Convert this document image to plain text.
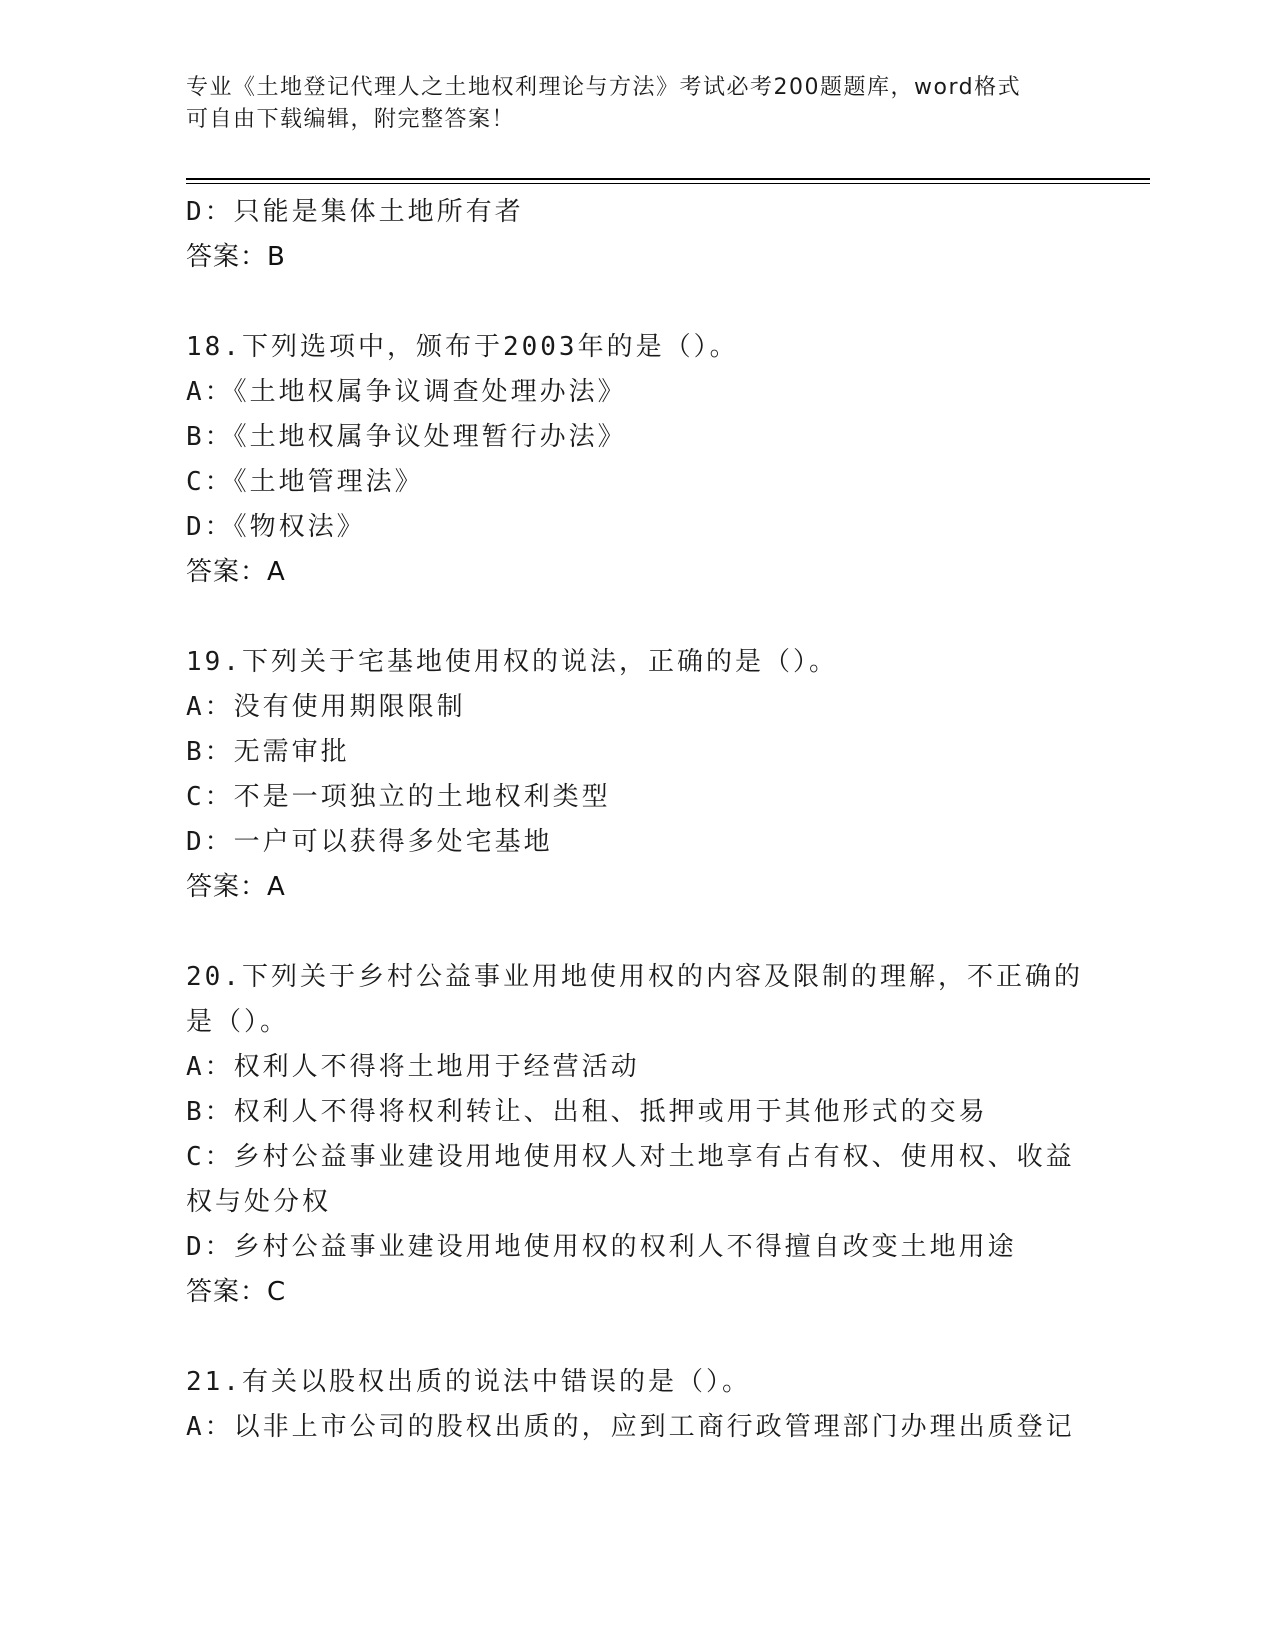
专业《土地登记代理人之土地权利理论与方法》考试必考200题题库，word格式
可自由下载编辑，附完整答案！
D：只能是集体土地所有者
答案：B
18.下列选项中，颁布于2003年的是（）。
A：《土地权属争议调查处理办法》
B：《土地权属争议处理暂行办法》
C：《土地管理法》
D：《物权法》
答案：A
19.下列关于宅基地使用权的说法，正确的是（）。
A：没有使用期限限制
B：无需审批
C：不是一项独立的土地权利类型
D：一户可以获得多处宅基地
答案：A
20.下列关于乡村公益事业用地使用权的内容及限制的理解，不正确的
是（）。
A：权利人不得将土地用于经营活动
B：权利人不得将权利转让、出租、抵押或用于其他形式的交易
C：乡村公益事业建设用地使用权人对土地享有占有权、使用权、收益
权与处分权
D：乡村公益事业建设用地使用权的权利人不得擅自改变土地用途
答案：C
21.有关以股权出质的说法中错误的是（）。
A：以非上市公司的股权出质的，应到工商行政管理部门办理出质登记
